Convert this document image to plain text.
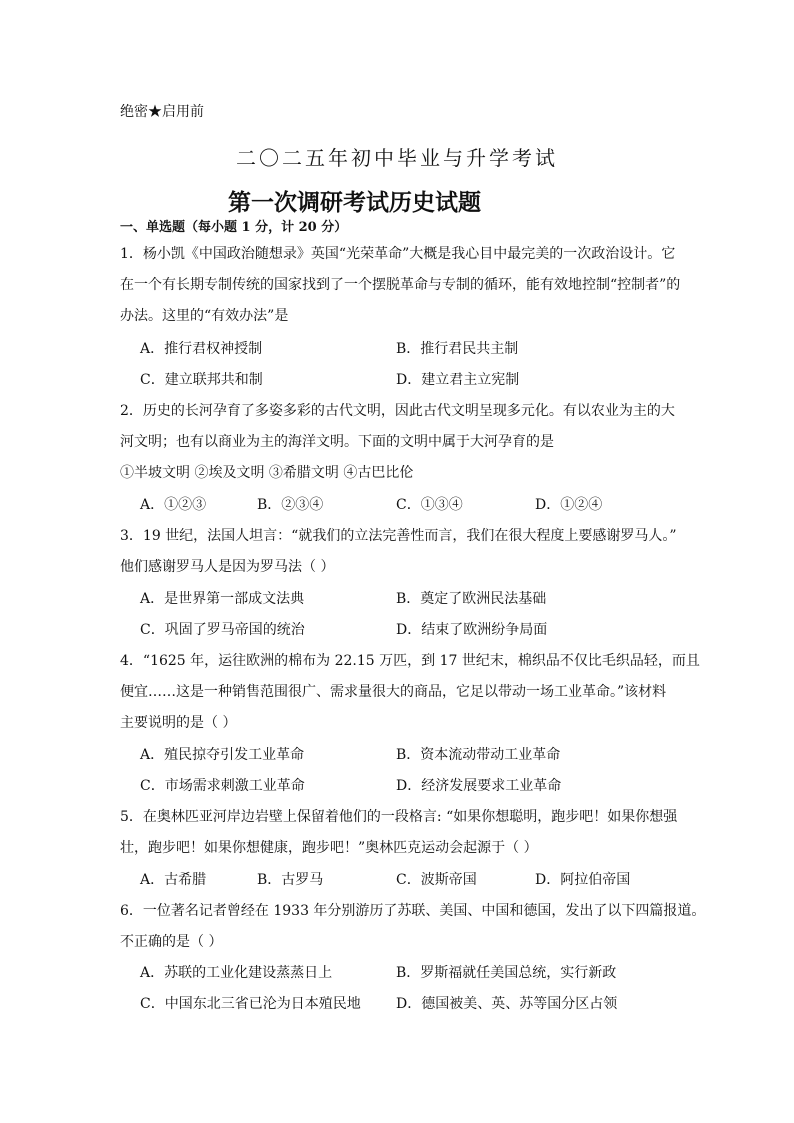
绝密★启用前
二〇二五年初中毕业与升学考试
第一次调研考试历史试题
一、单选题（每小题 1 分，计 20 分）
1．杨小凯《中国政治随想录》英国“光荣革命”大概是我心目中最完美的一次政治设计。它
在一个有长期专制传统的国家找到了一个摆脱革命与专制的循环，能有效地控制“控制者”的
办法。这里的“有效办法”是
A．推行君权神授制	B．推行君民共主制
C．建立联邦共和制	D．建立君主立宪制
2．历史的长河孕育了多姿多彩的古代文明，因此古代文明呈现多元化。有以农业为主的大
河文明；也有以商业为主的海洋文明。下面的文明中属于大河孕育的是
①半坡文明 ②埃及文明 ③希腊文明 ④古巴比伦
A．①②③	B．②③④	C．①③④	D．①②④
3．19 世纪，法国人坦言：“就我们的立法完善性而言，我们在很大程度上要感谢罗马人。”
他们感谢罗马人是因为罗马法（ ）
A．是世界第一部成文法典	B．奠定了欧洲民法基础
C．巩固了罗马帝国的统治	D．结束了欧洲纷争局面
4．“1625 年，运往欧洲的棉布为 22.15 万匹，到 17 世纪末，棉织品不仅比毛织品轻，而且
便宜……这是一种销售范围很广、需求量很大的商品，它足以带动一场工业革命。”该材料
主要说明的是（ ）
A．殖民掠夺引发工业革命	B．资本流动带动工业革命
C．市场需求刺激工业革命	D．经济发展要求工业革命
5．在奥林匹亚河岸边岩壁上保留着他们的一段格言: “如果你想聪明，跑步吧！如果你想强
壮，跑步吧！如果你想健康，跑步吧！”奥林匹克运动会起源于（ ）
A．古希腊	B．古罗马	C．波斯帝国	D．阿拉伯帝国
6．一位著名记者曾经在 1933 年分别游历了苏联、美国、中国和德国，发出了以下四篇报道。
不正确的是（ ）
A．苏联的工业化建设蒸蒸日上	B．罗斯福就任美国总统，实行新政
C．中国东北三省已沦为日本殖民地	D．德国被美、英、苏等国分区占领
